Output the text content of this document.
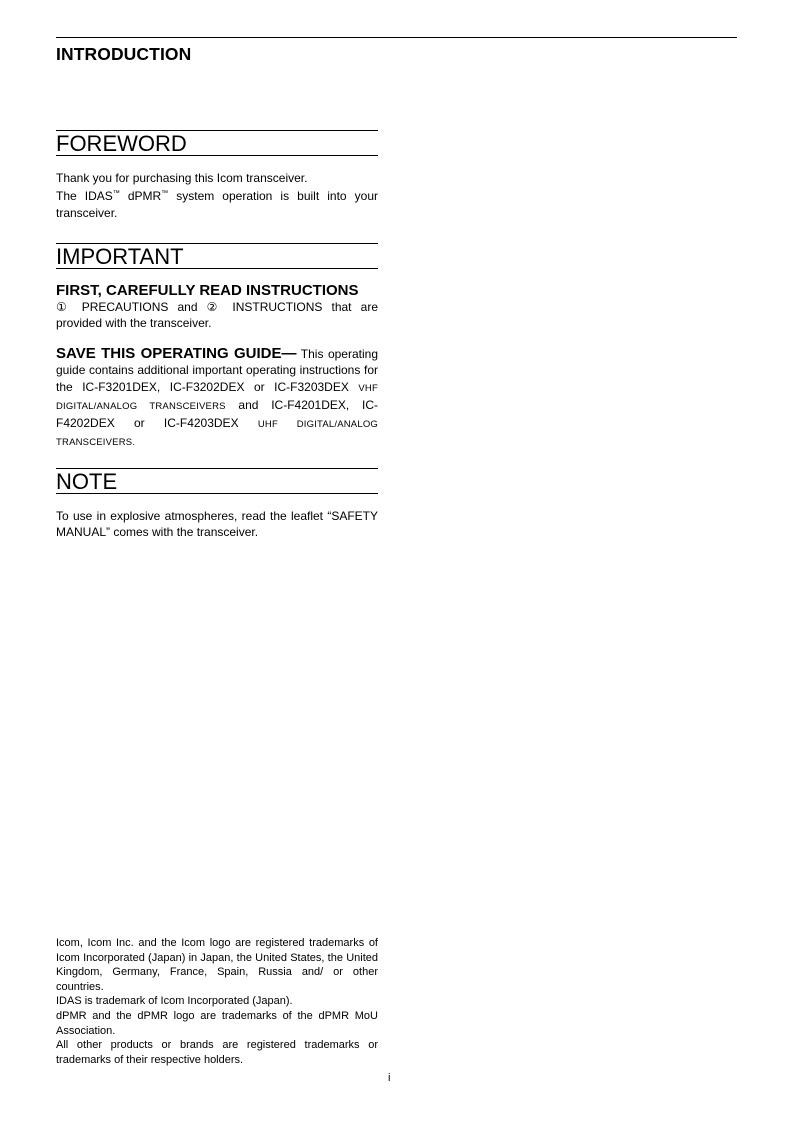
INTRODUCTION
FOREWORD

Thank you for purchasing this Icom transceiver.
The IDAS™ dPMR™ system operation is built into your transceiver.

IMPORTANT

FIRST, CAREFULLY READ INSTRUCTIONS

① PRECAUTIONS and ② INSTRUCTIONS that are provided with the transceiver.

SAVE THIS OPERATING GUIDE— This operating guide contains additional important operating instructions for the IC-F3201DEX, IC-F3202DEX or IC-F3203DEX VHF DIGITAL/ANALOG TRANSCEIVERS and IC-F4201DEX, IC-F4202DEX or IC-F4203DEX UHF DIGITAL/ANALOG TRANSCEIVERS.

NOTE

To use in explosive atmospheres, read the leaflet “SAFETY MANUAL” comes with the transceiver.

Icom, Icom Inc. and the Icom logo are registered trademarks of Icom Incorporated (Japan) in Japan, the United States, the United Kingdom, Germany, France, Spain, Russia and/ or other countries.
IDAS is trademark of Icom Incorporated (Japan).
dPMR and the dPMR logo are trademarks of the dPMR MoU Association.
All other products or brands are registered trademarks or trademarks of their respective holders.
i
